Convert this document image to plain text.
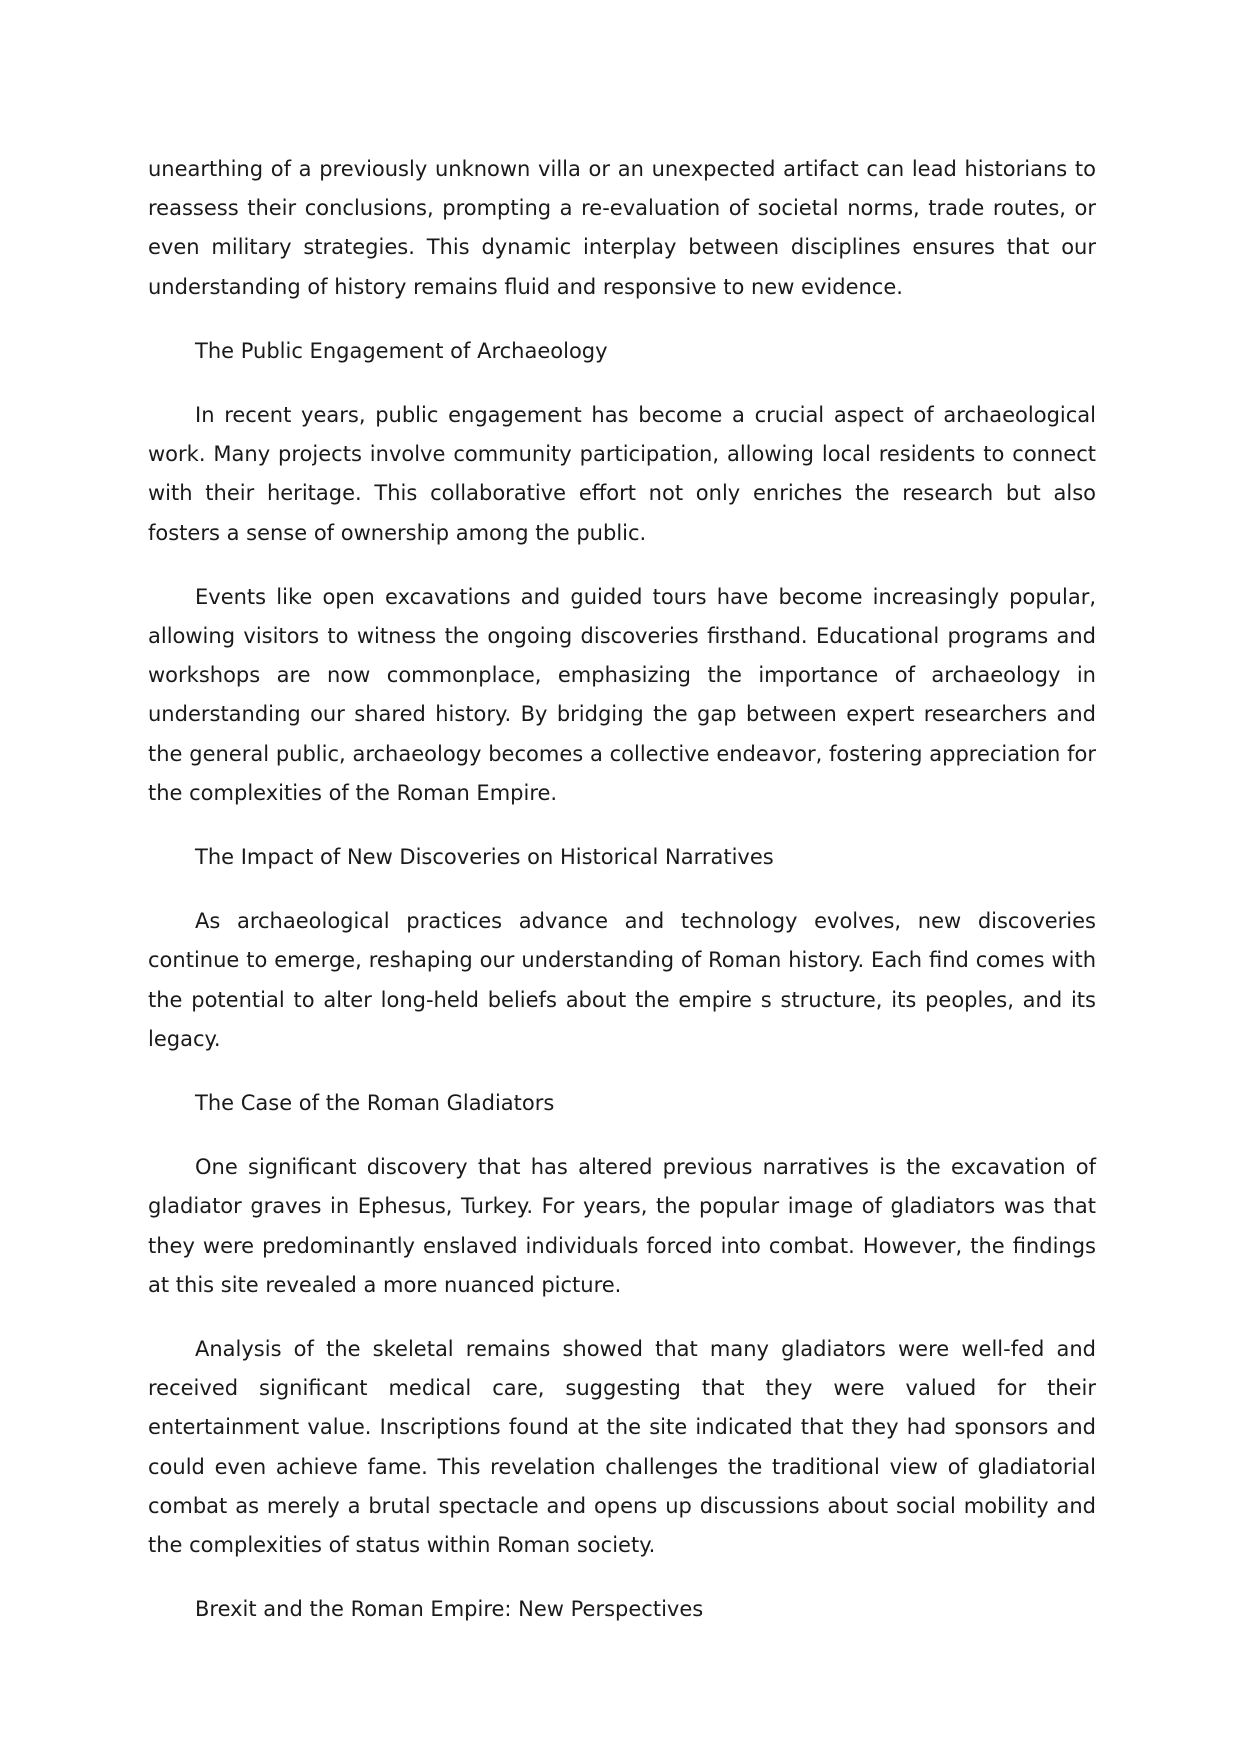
unearthing of a previously unknown villa or an unexpected artifact can lead historians to reassess their conclusions, prompting a re-evaluation of societal norms, trade routes, or even military strategies. This dynamic interplay between disciplines ensures that our understanding of history remains fluid and responsive to new evidence.

The Public Engagement of Archaeology

In recent years, public engagement has become a crucial aspect of archaeological work. Many projects involve community participation, allowing local residents to connect with their heritage. This collaborative effort not only enriches the research but also fosters a sense of ownership among the public.

Events like open excavations and guided tours have become increasingly popular, allowing visitors to witness the ongoing discoveries firsthand. Educational programs and workshops are now commonplace, emphasizing the importance of archaeology in understanding our shared history. By bridging the gap between expert researchers and the general public, archaeology becomes a collective endeavor, fostering appreciation for the complexities of the Roman Empire.

The Impact of New Discoveries on Historical Narratives

As archaeological practices advance and technology evolves, new discoveries continue to emerge, reshaping our understanding of Roman history. Each find comes with the potential to alter long-held beliefs about the empire s structure, its peoples, and its legacy.

The Case of the Roman Gladiators

One significant discovery that has altered previous narratives is the excavation of gladiator graves in Ephesus, Turkey. For years, the popular image of gladiators was that they were predominantly enslaved individuals forced into combat. However, the findings at this site revealed a more nuanced picture.

Analysis of the skeletal remains showed that many gladiators were well-fed and received significant medical care, suggesting that they were valued for their entertainment value. Inscriptions found at the site indicated that they had sponsors and could even achieve fame. This revelation challenges the traditional view of gladiatorial combat as merely a brutal spectacle and opens up discussions about social mobility and the complexities of status within Roman society.

Brexit and the Roman Empire: New Perspectives
